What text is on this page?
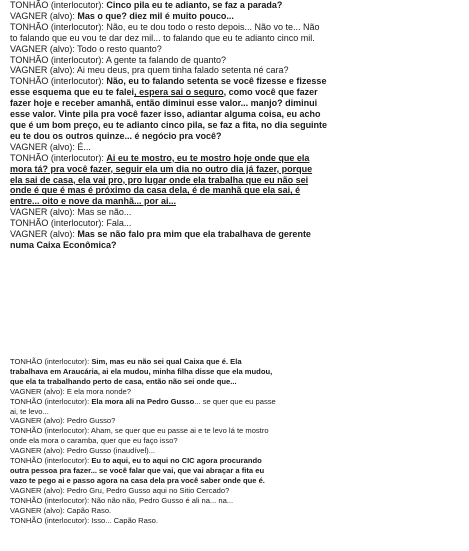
TONHÃO (interlocutor): Cinco pila eu te adianto, se faz a parada?
VAGNER (alvo): Mas o que? diez mil é muito pouco...
TONHÃO (interlocutor): Não, eu te dou todo o resto depois... Não vo te... Não
to falando que eu vou te dar dez mil... to falando que eu te adianto cinco mil.
VAGNER (alvo): Todo o resto quanto?
TONHÃO (interlocutor): A gente ta falando de quanto?
VAGNER (alvo): Ai meu deus, pra quem tinha falado setenta né cara?
TONHÃO (interlocutor): Não, eu to falando setenta se você fizesse e fizesse
esse esquema que eu te falei, espera sai o seguro, como você que fazer
fazer hoje e receber amanhã, então diminui esse valor... manjo? diminui
esse valor. Vinte pila pra você fazer isso, adiantar alguma coisa, eu acho
que é um bom preço, eu te adianto cinco pila, se faz a fita, no dia seguinte
eu te dou os outros quinze... é negócio pra você?
VAGNER (alvo): É...
TONHÃO (interlocutor): Ai eu te mostro, eu te mostro hoje onde que ela
mora tá? pra você fazer, seguir ela um dia no outro dia já fazer, porque
ela sai de casa, ela vai pro, pro lugar onde ela trabalha que eu não sei
onde é que é mas é próximo da casa dela, é de manhã que ela sai, é
entre... oito e nove da manhã... por ai...
VAGNER (alvo): Mas se não...
TONHÃO (interlocutor): Fala...
VAGNER (alvo): Mas se não falo pra mim que ela trabalhava de gerente
numa Caixa Econômica?
TONHÃO (interlocutor): Sim, mas eu não sei qual Caixa que é. Ela
trabalhava em Araucária, ai ela mudou, minha filha disse que ela mudou,
que ela ta trabalhando perto de casa, então não sei onde que...
VAGNER (alvo): E ela mora nonde?
TONHÃO (interlocutor): Ela mora ali na Pedro Gusso... se quer que eu passe
ai, te levo...
VAGNER (alvo): Pedro Gusso?
TONHÃO (interlocutor): Aham, se quer que eu passe ai e te levo lá te mostro
onde ela mora o caramba, quer que eu faço isso?
VAGNER (alvo): Pedro Gusso (inaudível)...
TONHÃO (interlocutor): Eu to aqui, eu to aqui no CIC agora procurando
outra pessoa pra fazer... se você falar que vai, que vai abraçar a fita eu
vazo te pego ai e passo agora na casa dela pra você saber onde que é.
VAGNER (alvo): Pedro Gru, Pedro Gusso aqui no Sitio Cercado?
TONHÃO (interlocutor): Não não não, Pedro Gusso é ali na... na...
VAGNER (alvo): Capão Raso.
TONHÃO (interlocutor): Isso... Capão Raso.
